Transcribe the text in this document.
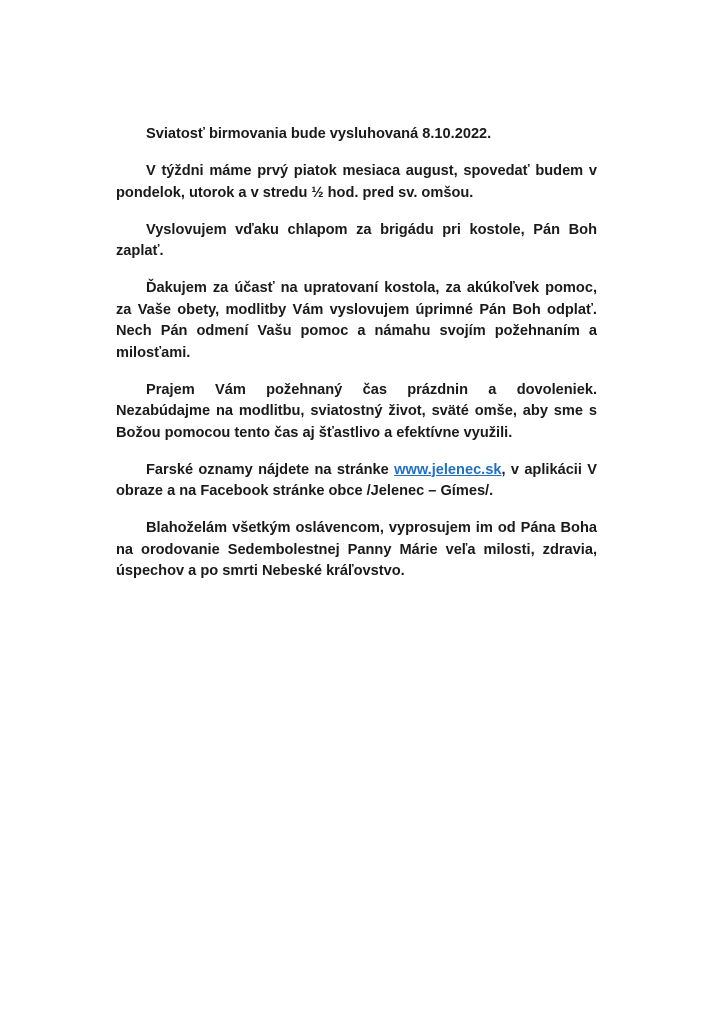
Sviatosť birmovania bude vysluhovaná 8.10.2022.

V týždni máme prvý piatok mesiaca august, spovedať budem v pondelok, utorok a v stredu ½ hod. pred sv. omšou.

Vyslovujem vďaku chlapom za brigádu pri kostole, Pán Boh zaplať.

Ďakujem za účasť na upratovaní kostola, za akúkoľvek pomoc, za Vaše obety, modlitby Vám vyslovujem úprimné Pán Boh odplať. Nech Pán odmení Vašu pomoc a námahu svojím požehnaním a milosťami.

Prajem Vám požehnaný čas prázdnin a dovoleniek. Nezabúdajme na modlitbu, sviatostný život, sväté omše, aby sme s Božou pomocou tento čas aj šťastlivo a efektívne využili.

Farské oznamy nájdete na stránke www.jelenec.sk, v aplikácii V obraze a na Facebook stránke obce /Jelenec – Gímes/.

Blahoželám všetkým oslávencom, vyprosujem im od Pána Boha na orodovanie Sedembolestnej Panny Márie veľa milosti, zdravia, úspechov a po smrti Nebeské kráľovstvo.
